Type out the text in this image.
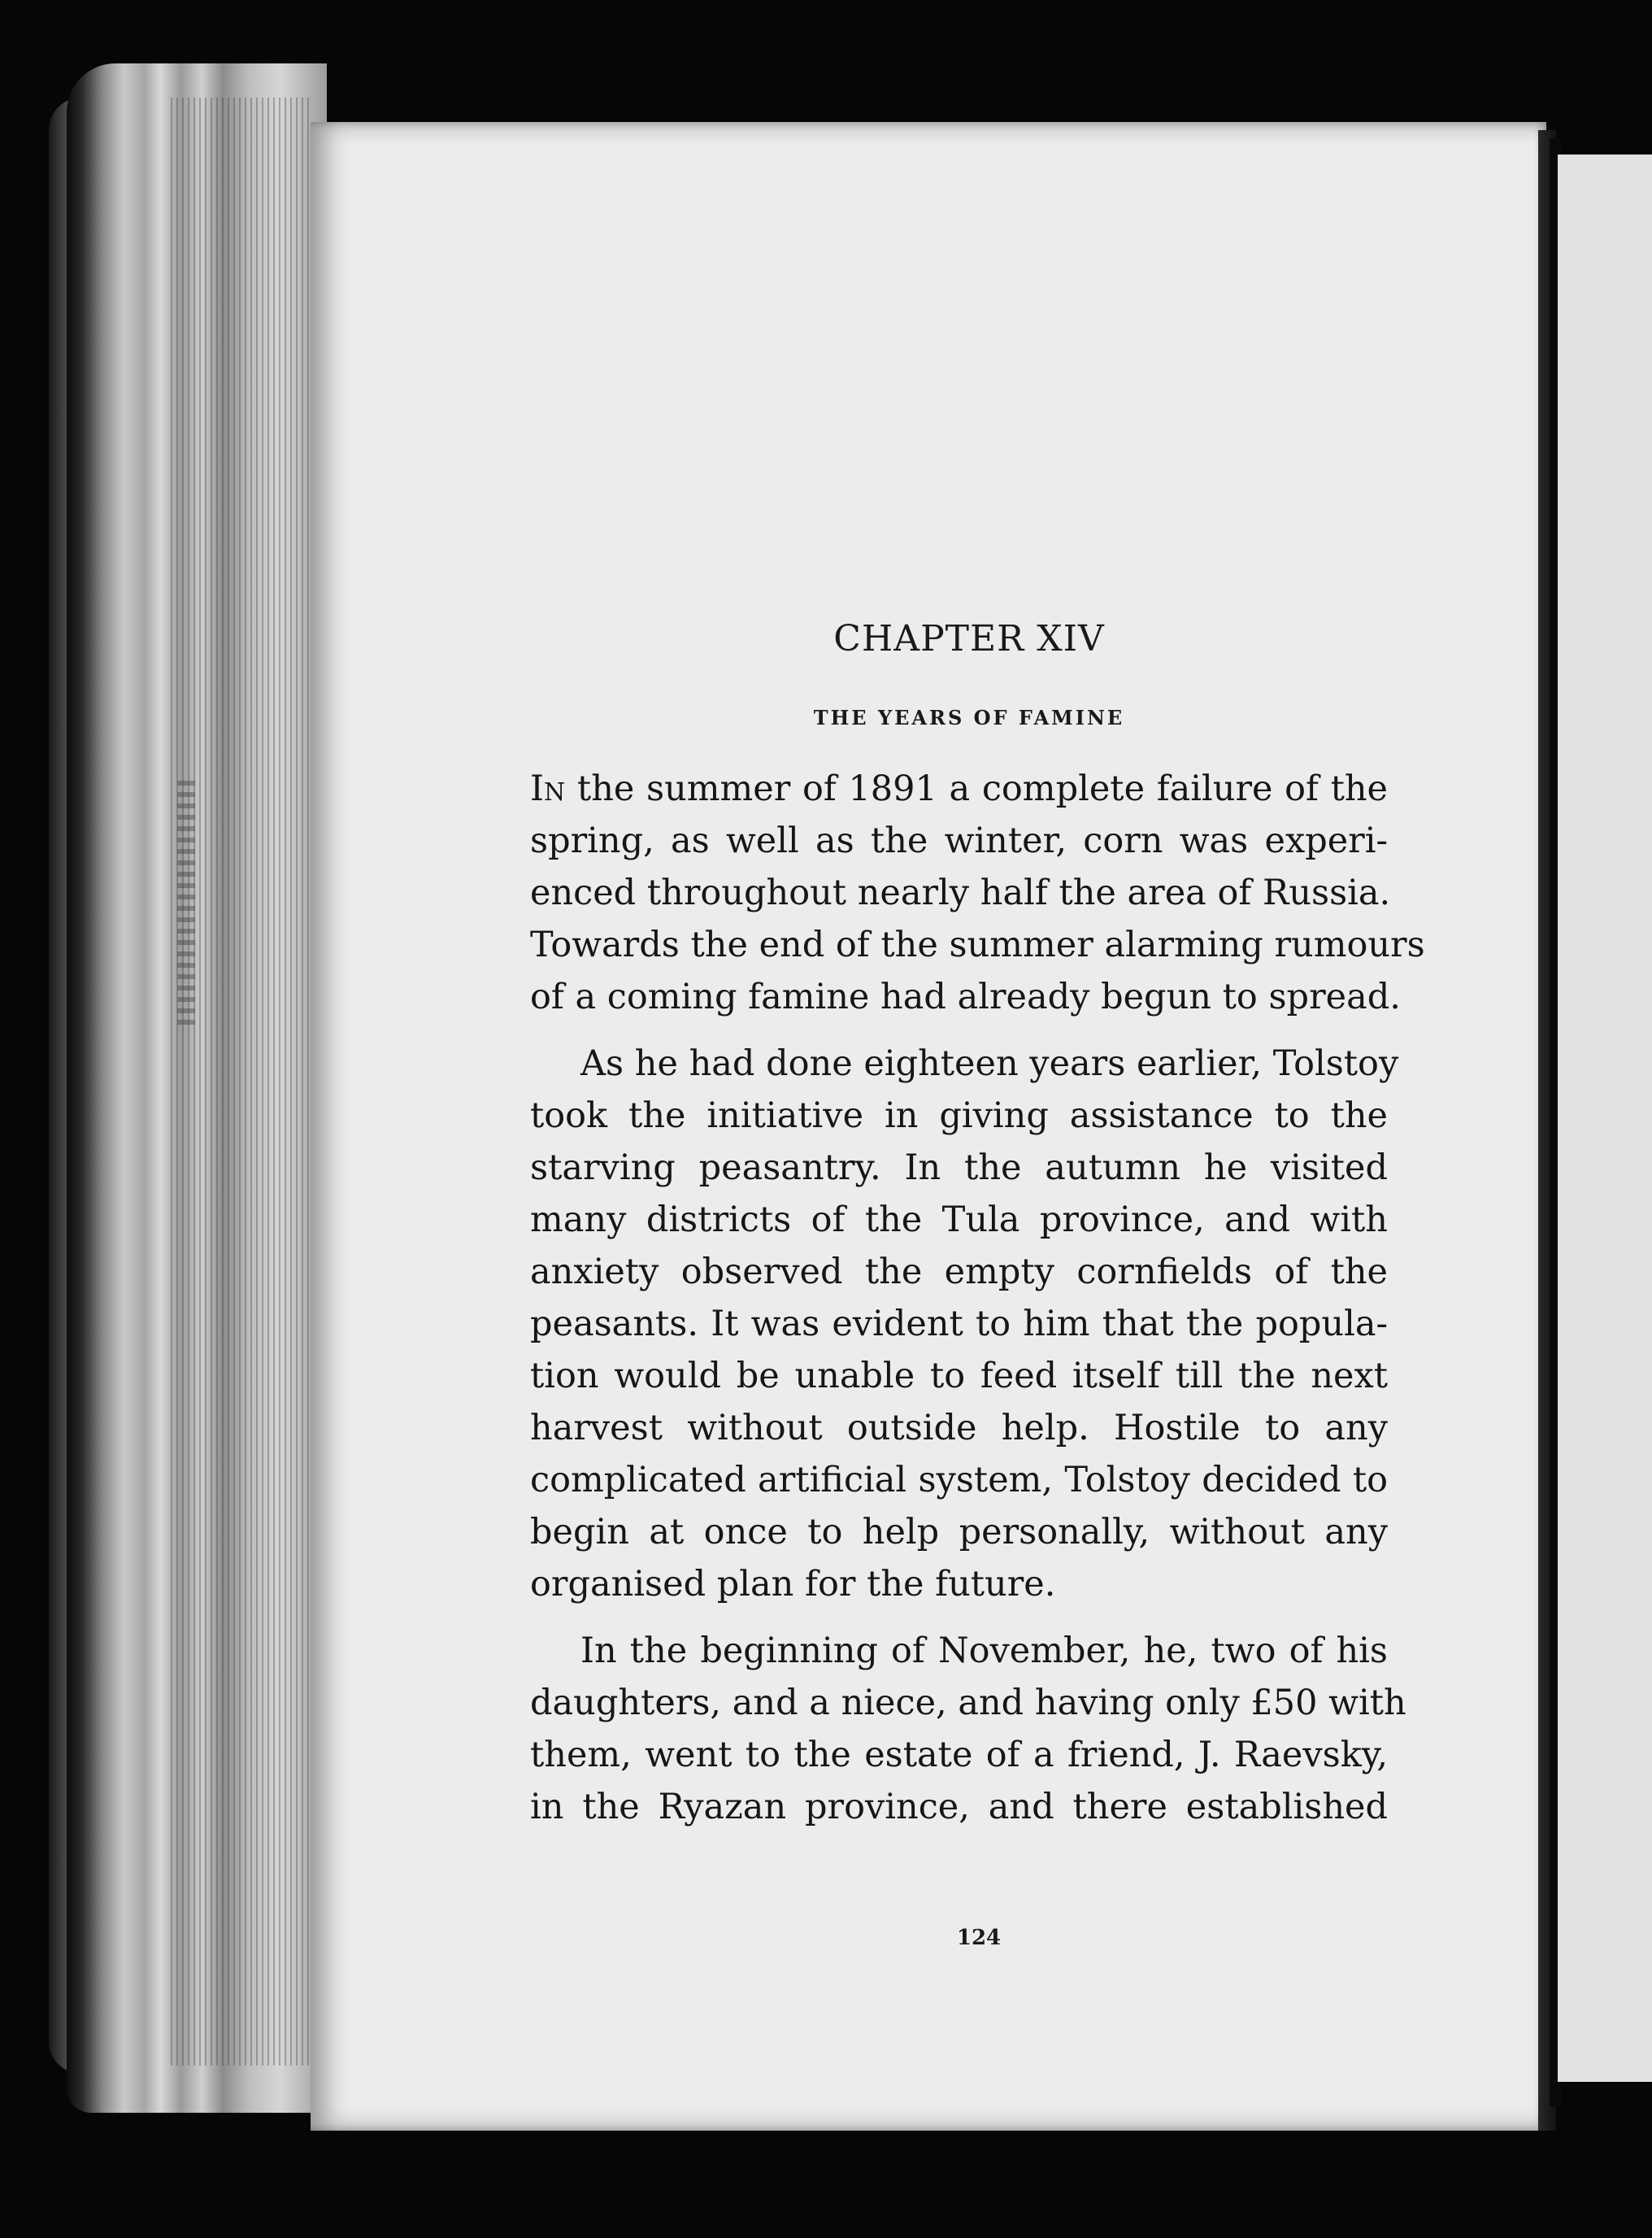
CHAPTER XIV
THE YEARS OF FAMINE
In the summer of 1891 a complete failure of the
spring, as well as the winter, corn was experi-
enced throughout nearly half the area of Russia.
Towards the end of the summer alarming rumours
of a coming famine had already begun to spread.
As he had done eighteen years earlier, Tolstoy
took the initiative in giving assistance to the
starving peasantry. In the autumn he visited
many districts of the Tula province, and with
anxiety observed the empty cornfields of the
peasants. It was evident to him that the popula-
tion would be unable to feed itself till the next
harvest without outside help. Hostile to any
complicated artificial system, Tolstoy decided to
begin at once to help personally, without any
organised plan for the future.
In the beginning of November, he, two of his
daughters, and a niece, and having only £50 with
them, went to the estate of a friend, J. Raevsky,
in the Ryazan province, and there established
124
